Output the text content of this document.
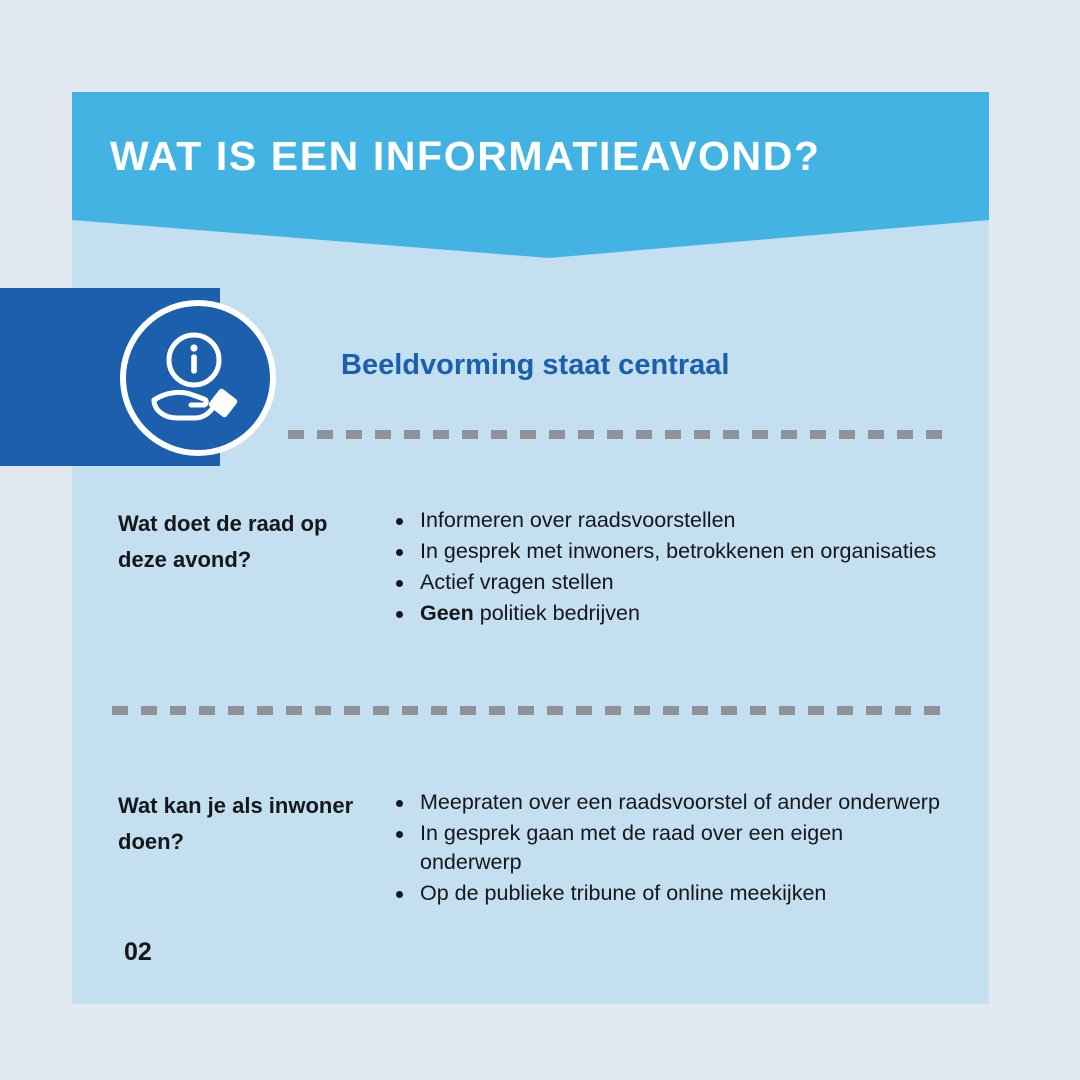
WAT IS EEN INFORMATIEAVOND?
Beeldvorming staat centraal
Wat doet de raad op deze avond?
Informeren over raadsvoorstellen
In gesprek met inwoners, betrokkenen en organisaties
Actief vragen stellen
Geen politiek bedrijven
Wat kan je als inwoner doen?
Meepraten over een raadsvoorstel of ander onderwerp
In gesprek gaan met de raad over een eigen onderwerp
Op de publieke tribune of online meekijken
02
